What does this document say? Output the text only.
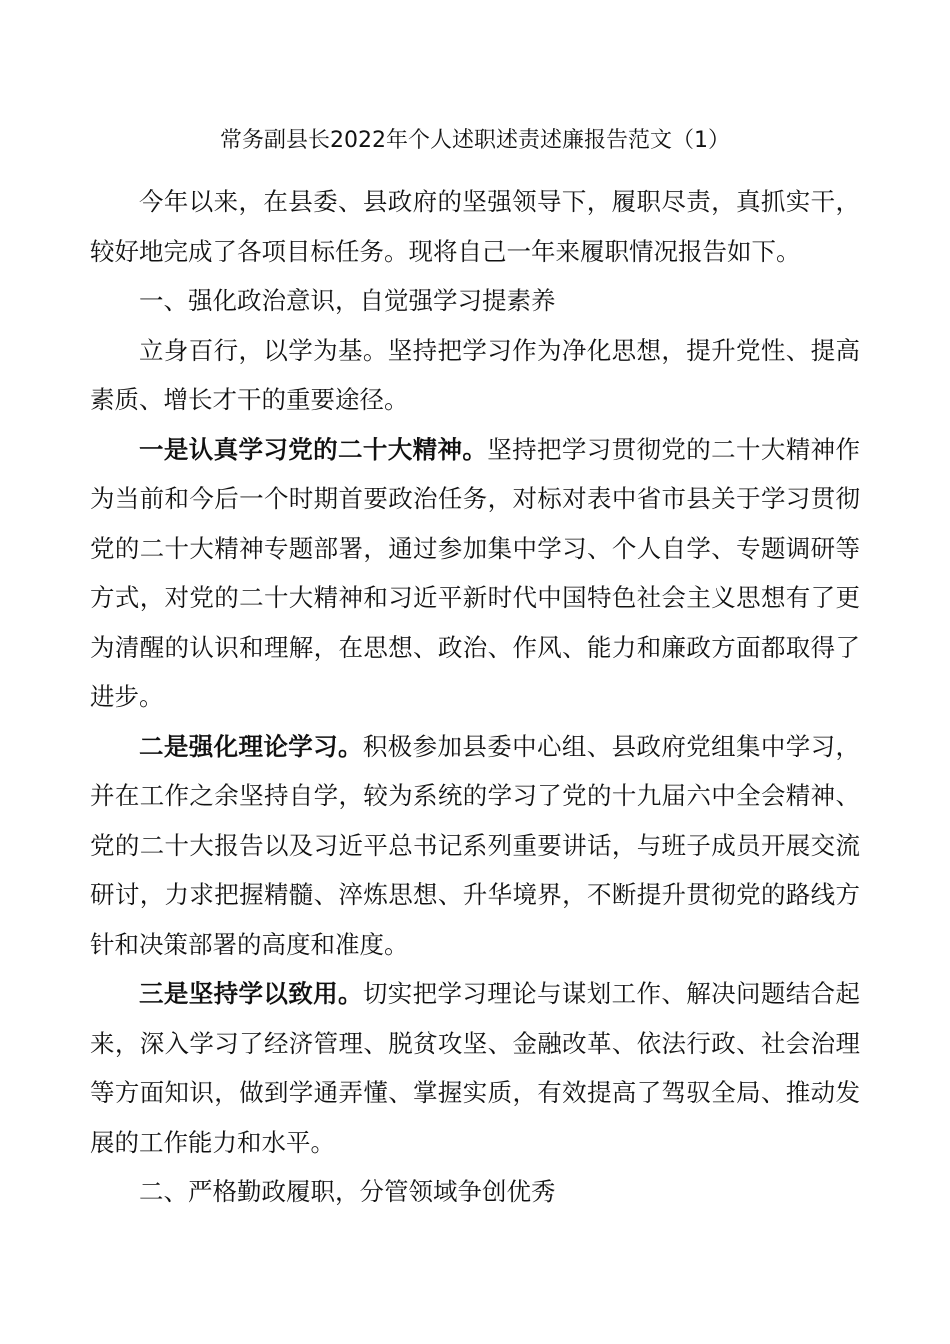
常务副县长2022年个人述职述责述廉报告范文（1）

今年以来，在县委、县政府的坚强领导下，履职尽责，真抓实干，较好地完成了各项目标任务。现将自己一年来履职情况报告如下。

一、强化政治意识，自觉强学习提素养

立身百行，以学为基。坚持把学习作为净化思想，提升党性、提高素质、增长才干的重要途径。

一是认真学习党的二十大精神。坚持把学习贯彻党的二十大精神作为当前和今后一个时期首要政治任务，对标对表中省市县关于学习贯彻党的二十大精神专题部署，通过参加集中学习、个人自学、专题调研等方式，对党的二十大精神和习近平新时代中国特色社会主义思想有了更为清醒的认识和理解，在思想、政治、作风、能力和廉政方面都取得了进步。

二是强化理论学习。积极参加县委中心组、县政府党组集中学习，并在工作之余坚持自学，较为系统的学习了党的十九届六中全会精神、党的二十大报告以及习近平总书记系列重要讲话，与班子成员开展交流研讨，力求把握精髓、淬炼思想、升华境界，不断提升贯彻党的路线方针和决策部署的高度和准度。

三是坚持学以致用。切实把学习理论与谋划工作、解决问题结合起来，深入学习了经济管理、脱贫攻坚、金融改革、依法行政、社会治理等方面知识，做到学通弄懂、掌握实质，有效提高了驾驭全局、推动发展的工作能力和水平。

二、严格勤政履职，分管领域争创优秀
